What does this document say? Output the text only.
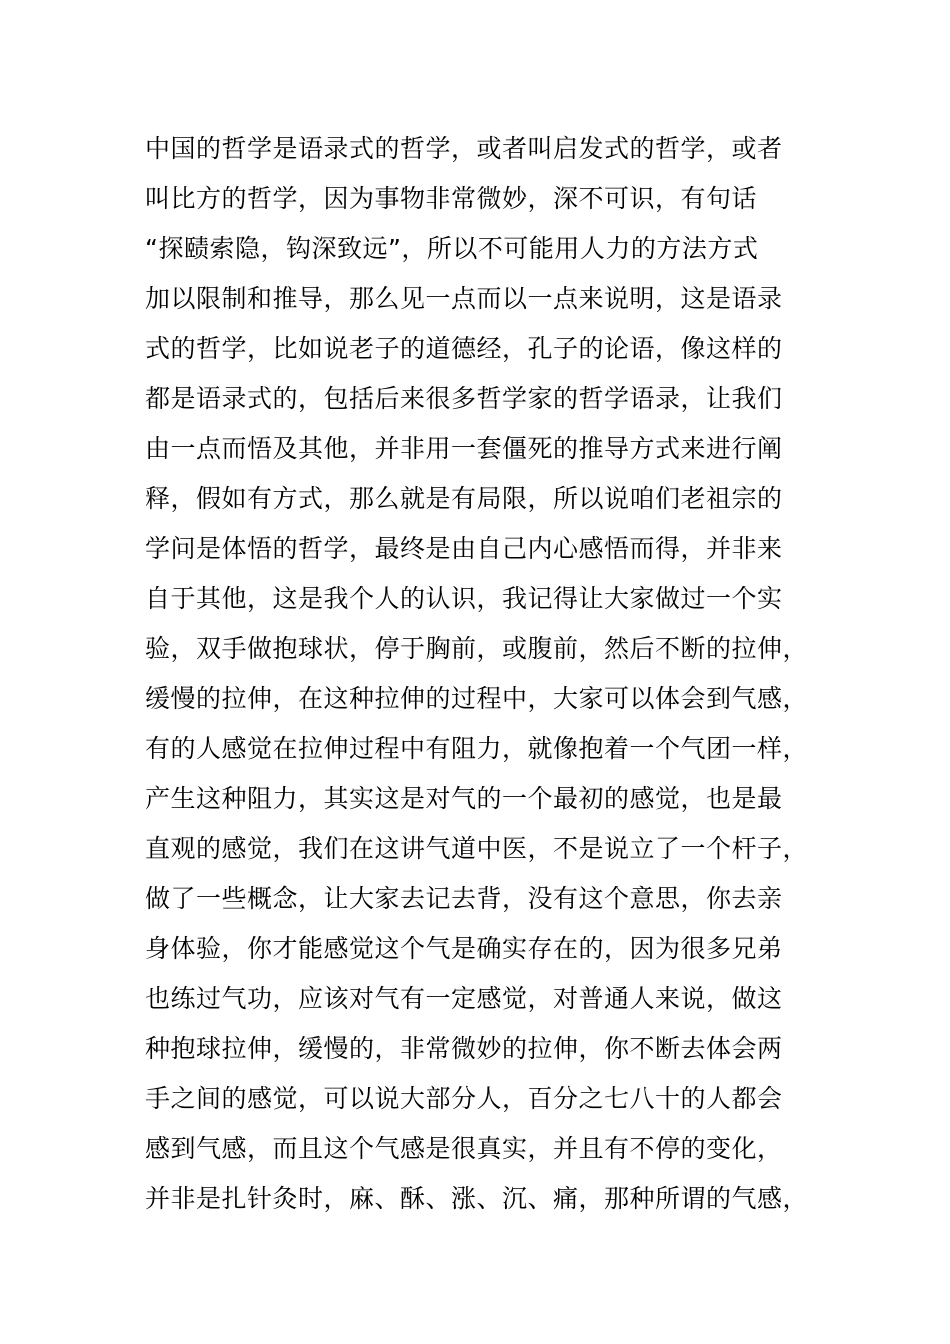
中国的哲学是语录式的哲学，或者叫启发式的哲学，或者
叫比方的哲学，因为事物非常微妙，深不可识，有句话
“探赜索隐，钩深致远”，所以不可能用人力的方法方式
加以限制和推导，那么见一点而以一点来说明，这是语录
式的哲学，比如说老子的道德经，孔子的论语，像这样的
都是语录式的，包括后来很多哲学家的哲学语录，让我们
由一点而悟及其他，并非用一套僵死的推导方式来进行阐
释，假如有方式，那么就是有局限，所以说咱们老祖宗的
学问是体悟的哲学，最终是由自己内心感悟而得，并非来
自于其他，这是我个人的认识，我记得让大家做过一个实
验，双手做抱球状，停于胸前，或腹前，然后不断的拉伸，
缓慢的拉伸，在这种拉伸的过程中，大家可以体会到气感，
有的人感觉在拉伸过程中有阻力，就像抱着一个气团一样，
产生这种阻力，其实这是对气的一个最初的感觉，也是最
直观的感觉，我们在这讲气道中医，不是说立了一个杆子，
做了一些概念，让大家去记去背，没有这个意思，你去亲
身体验，你才能感觉这个气是确实存在的，因为很多兄弟
也练过气功，应该对气有一定感觉，对普通人来说，做这
种抱球拉伸，缓慢的，非常微妙的拉伸，你不断去体会两
手之间的感觉，可以说大部分人，百分之七八十的人都会
感到气感，而且这个气感是很真实，并且有不停的变化，
并非是扎针灸时，麻、酥、涨、沉、痛，那种所谓的气感，
